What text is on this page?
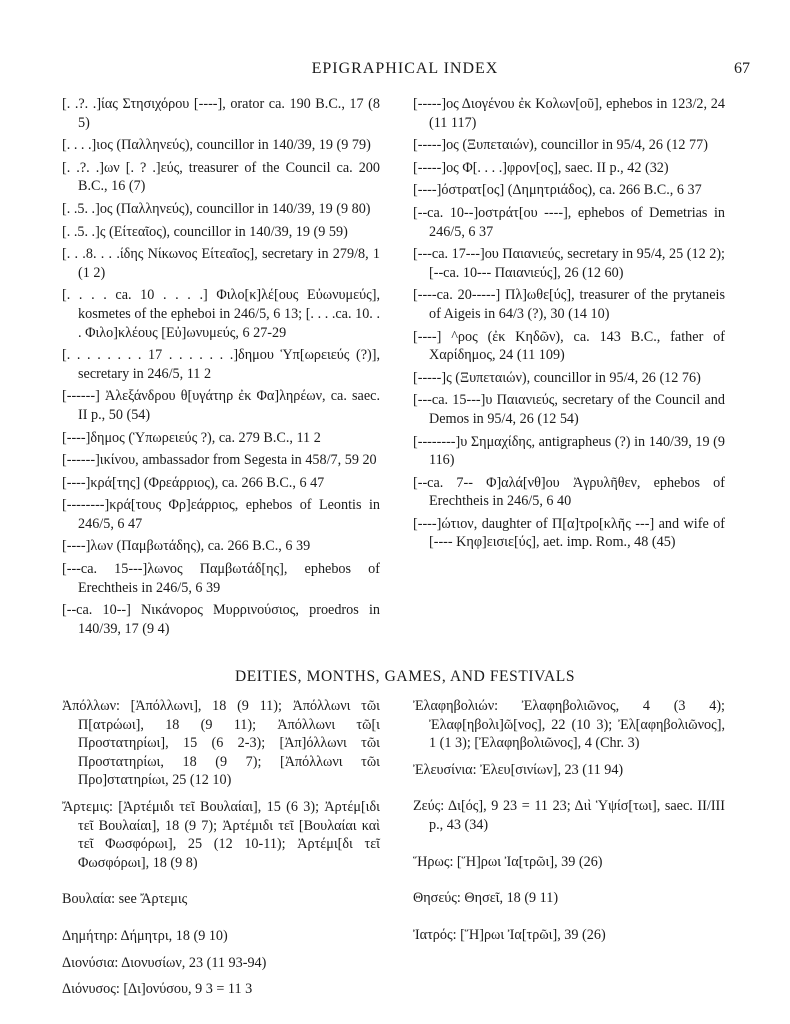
EPIGRAPHICAL INDEX	67

[. .?. .]ίας Στησιχόρου [----], orator ca. 190 B.C., 17 (8 5)

[. . . .]ιος (Παλληνεύς), councillor in 140/39, 19 (9 79)

[. .?. .]ων [. ? .]εύς, treasurer of the Council ca. 200 B.C., 16 (7)

[. .5. .]ος (Παλληνεύς), councillor in 140/39, 19 (9 80)

[. .5. .]ς (Είτεαῖος), councillor in 140/39, 19 (9 59)

[. . .8. . . .ίδης Νίκωνος Είτεαῖος], secretary in 279/8, 1 (1 2)

[. . . . ca. 10 . . . .] Φιλο[κ]λέ[ους Εὐωνυμεύς], kosmetes of the epheboi in 246/5, 6 13; [. . . .ca. 10. . . Φιλο]κλέους [Εὐ]ωνυμεύς, 6 27-29

[. . . . . . . . 17 . . . . . . .]δημου Ὑπ[ωρειεύς (?)], secretary in 246/5, 11 2

[------] Ἀλεξάνδρου θ[υγάτηρ ἐκ Φα]ληρέων, ca. saec. II p., 50 (54)

[----]δημος (Ὑπωρειεύς ?), ca. 279 B.C., 11 2

[------]ικίνου, ambassador from Segesta in 458/7, 59 20

[----]κρά[της] (Φρεάρριος), ca. 266 B.C., 6 47

[--------]κρά[τους Φρ]εάρριος, ephebos of Leontis in 246/5, 6 47

[----]λων (Παμβωτάδης), ca. 266 B.C., 6 39

[---ca. 15---]λωνος Παμβωτάδ[ης], ephebos of Erechtheis in 246/5, 6 39

[--ca. 10--] Νικάνορος Μυρρινούσιος, proedros in 140/39, 17 (9 4)

[-----]ος Διογένου ἐκ Κολων[οῦ], ephebos in 123/2, 24 (11 117)

[-----]ος (Ξυπεταιών), councillor in 95/4, 26 (12 77)

[-----]ος Φ[. . . .]φρον[ος], saec. II p., 42 (32)

[----]όστρατ[ος] (Δημητριάδος), ca. 266 B.C., 6 37

[--ca. 10--]οστράτ[ου ----], ephebos of Demetrias in 246/5, 6 37

[---ca. 17---]ου Παιανιεύς, secretary in 95/4, 25 (12 2); [--ca. 10--- Παιανιεύς], 26 (12 60)

[----ca. 20-----] Πλ]ωθε[ύς], treasurer of the prytaneis of Aigeis in 64/3 (?), 30 (14 10)

[----] ^ρος (ἐκ Κηδῶν), ca. 143 B.C., father of Χαρίδημος, 24 (11 109)

[-----]ς (Ξυπεταιών), councillor in 95/4, 26 (12 76)

[---ca. 15---]υ Παιανιεύς, secretary of the Council and Demos in 95/4, 26 (12 54)

[--------]υ Σημαχίδης, antigrapheus (?) in 140/39, 19 (9 116)

[--ca. 7-- Φ]αλά[νθ]ου Ἀγρυλῆθεν, ephebos of Erechtheis in 246/5, 6 40

[----]ώτιον, daughter of Π[α]τρο[κλῆς ---] and wife of [---- Κηφ]εισιε[ύς], aet. imp. Rom., 48 (45)

DEITIES, MONTHS, GAMES, AND FESTIVALS

Ἀπόλλων: [Ἀπόλλωνι], 18 (9 11); Ἀπόλλωνι τῶι Π[ατρώωι], 18 (9 11); Ἀπόλλωνι τῶ[ι Προστατηρίωι], 15 (6 2-3); [Ἀπ]όλλωνι τῶι Προστατηρίωι, 18 (9 7); [Ἀπόλλωνι τῶι Προ]στατηρίωι, 25 (12 10)

Ἄρτεμις: [Ἀρτέμιδι τεῖ Βουλαίαι], 15 (6 3); Ἀρτέμ[ιδι τεῖ Βουλαίαι], 18 (9 7); Ἀρτέμιδι τεῖ [Βουλαίαι καὶ τεῖ Φωσφόρωι], 25 (12 10-11); Ἀρτέμι[δι τεῖ Φωσφόρωι], 18 (9 8)

Βουλαία: see Ἄρτεμις

Δημήτηρ: Δήμητρι, 18 (9 10)

Διονύσια: Διονυσίων, 23 (11 93-94)

Διόνυσος: [Δι]ονύσου, 9 3 = 11 3

Ἐλαφηβολιών: Ἐλαφηβολιῶνος, 4 (3 4); Ἐλαφ[ηβολι]ῶ[νος], 22 (10 3); Ἐλ[αφηβολιῶνος], 1 (1 3); [Ἐλαφηβολιῶνος], 4 (Chr. 3)

Ἐλευσίνια: Ἐλευ[σινίων], 23 (11 94)

Ζεύς: Δι[ός], 9 23 = 11 23; Διὶ Ὑψίσ[τωι], saec. II/III p., 43 (34)

Ἥρως: [Ἥ]ρωι Ἰα[τρῶι], 39 (26)

Θησεύς: Θησεῖ, 18 (9 11)

Ἰατρός: [Ἥ]ρωι Ἰα[τρῶι], 39 (26)
